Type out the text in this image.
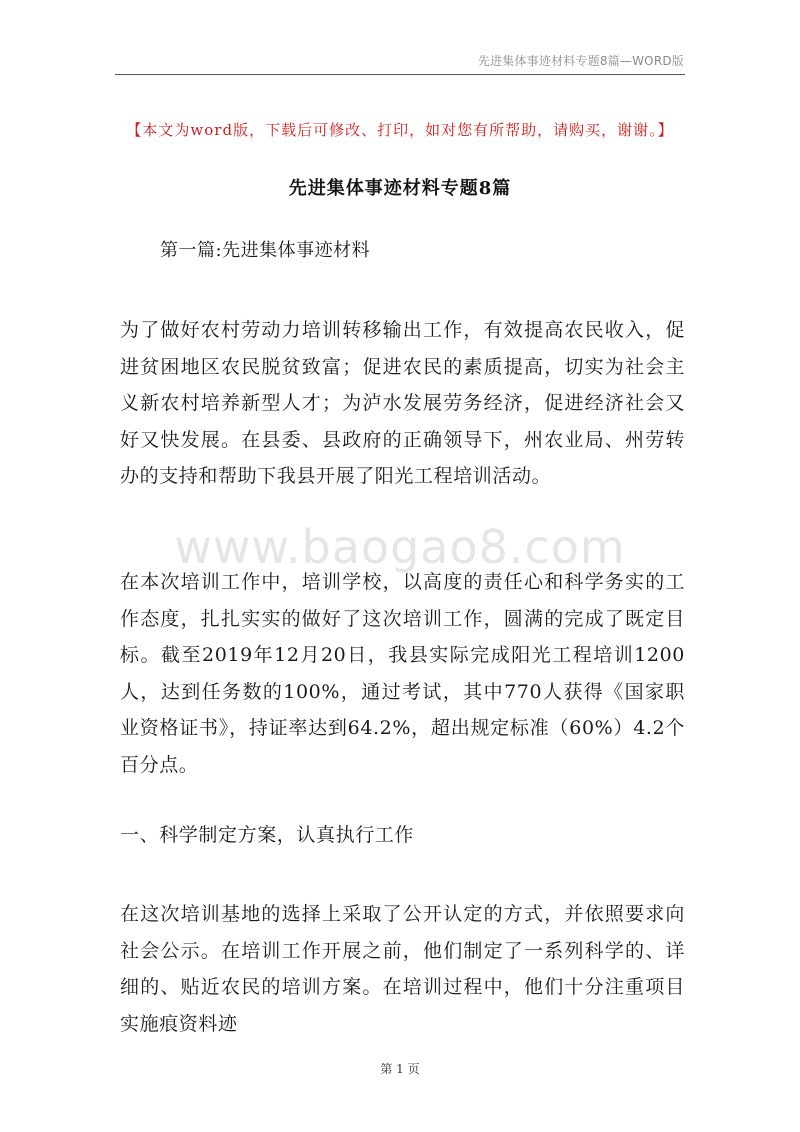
先进集体事迹材料专题8篇—WORD版
【本文为word版，下载后可修改、打印，如对您有所帮助，请购买，谢谢。】
先进集体事迹材料专题8篇
第一篇:先进集体事迹材料

为了做好农村劳动力培训转移输出工作，有效提高农民收入，促进贫困地区农民脱贫致富；促进农民的素质提高，切实为社会主义新农村培养新型人才；为泸水发展劳务经济，促进经济社会又好又快发展。在县委、县政府的正确领导下，州农业局、州劳转办的支持和帮助下我县开展了阳光工程培训活动。

www.baogao8.com

在本次培训工作中，培训学校，以高度的责任心和科学务实的工作态度，扎扎实实的做好了这次培训工作，圆满的完成了既定目标。截至2019年12月20日，我县实际完成阳光工程培训1200人，达到任务数的100%，通过考试，其中770人获得《国家职业资格证书》，持证率达到64.2%，超出规定标准（60%）4.2个百分点。

一、科学制定方案，认真执行工作

在这次培训基地的选择上采取了公开认定的方式，并依照要求向社会公示。在培训工作开展之前，他们制定了一系列科学的、详细的、贴近农民的培训方案。在培训过程中，他们十分注重项目实施痕资料迹

第 1 页
